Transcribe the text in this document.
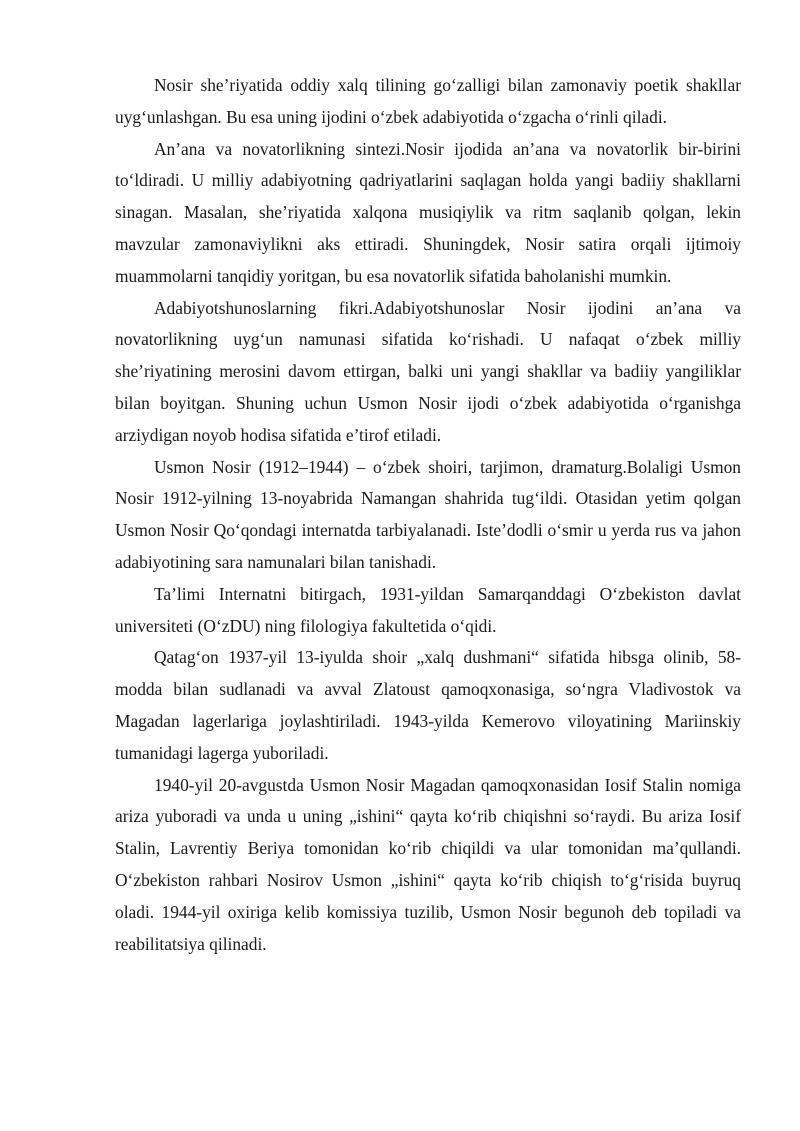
Nosir she’riyatida oddiy xalq tilining go‘zalligi bilan zamonaviy poetik shakllar uyg‘unlashgan. Bu esa uning ijodini o‘zbek adabiyotida o‘zgacha o‘rinli qiladi.

An’ana va novatorlikning sintezi.Nosir ijodida an’ana va novatorlik bir-birini to‘ldiradi. U milliy adabiyotning qadriyatlarini saqlagan holda yangi badiiy shakllarni sinagan. Masalan, she’riyatida xalqona musiqiylik va ritm saqlanib qolgan, lekin mavzular zamonaviylikni aks ettiradi. Shuningdek, Nosir satira orqali ijtimoiy muammolarni tanqidiy yoritgan, bu esa novatorlik sifatida baholanishi mumkin.

Adabiyotshunoslarning fikri.Adabiyotshunoslar Nosir ijodini an’ana va novatorlikning uyg‘un namunasi sifatida ko‘rishadi. U nafaqat o‘zbek milliy she’riyatining merosini davom ettirgan, balki uni yangi shakllar va badiiy yangiliklar bilan boyitgan. Shuning uchun Usmon Nosir ijodi o‘zbek adabiyotida o‘rganishga arziydigan noyob hodisa sifatida e’tirof etiladi.

Usmon Nosir (1912–1944) – o‘zbek shoiri, tarjimon, dramaturg.Bolaligi Usmon Nosir 1912-yilning 13-noyabrida Namangan shahrida tug‘ildi. Otasidan yetim qolgan Usmon Nosir Qo‘qondagi internatda tarbiyalanadi. Iste’dodli o‘smir u yerda rus va jahon adabiyotining sara namunalari bilan tanishadi.

Ta’limi Internatni bitirgach, 1931-yildan Samarqanddagi O‘zbekiston davlat universiteti (O‘zDU) ning filologiya fakultetida o‘qidi.

Qatag‘on 1937-yil 13-iyulda shoir „xalq dushmani“ sifatida hibsga olinib, 58-modda bilan sudlanadi va avval Zlatoust qamoqxonasiga, so‘ngra Vladivostok va Magadan lagerlariga joylashtiriladi. 1943-yilda Kemerovo viloyatining Mariinskiy tumanidagi lagerga yuboriladi.

1940-yil 20-avgustda Usmon Nosir Magadan qamoqxonasidan Iosif Stalin nomiga ariza yuboradi va unda u uning „ishini“ qayta ko‘rib chiqishni so‘raydi. Bu ariza Iosif Stalin, Lavrentiy Beriya tomonidan ko‘rib chiqildi va ular tomonidan ma’qullandi. O‘zbekiston rahbari Nosirov Usmon „ishini“ qayta ko‘rib chiqish to‘g‘risida buyruq oladi. 1944-yil oxiriga kelib komissiya tuzilib, Usmon Nosir begunoh deb topiladi va reabilitatsiya qilinadi.
